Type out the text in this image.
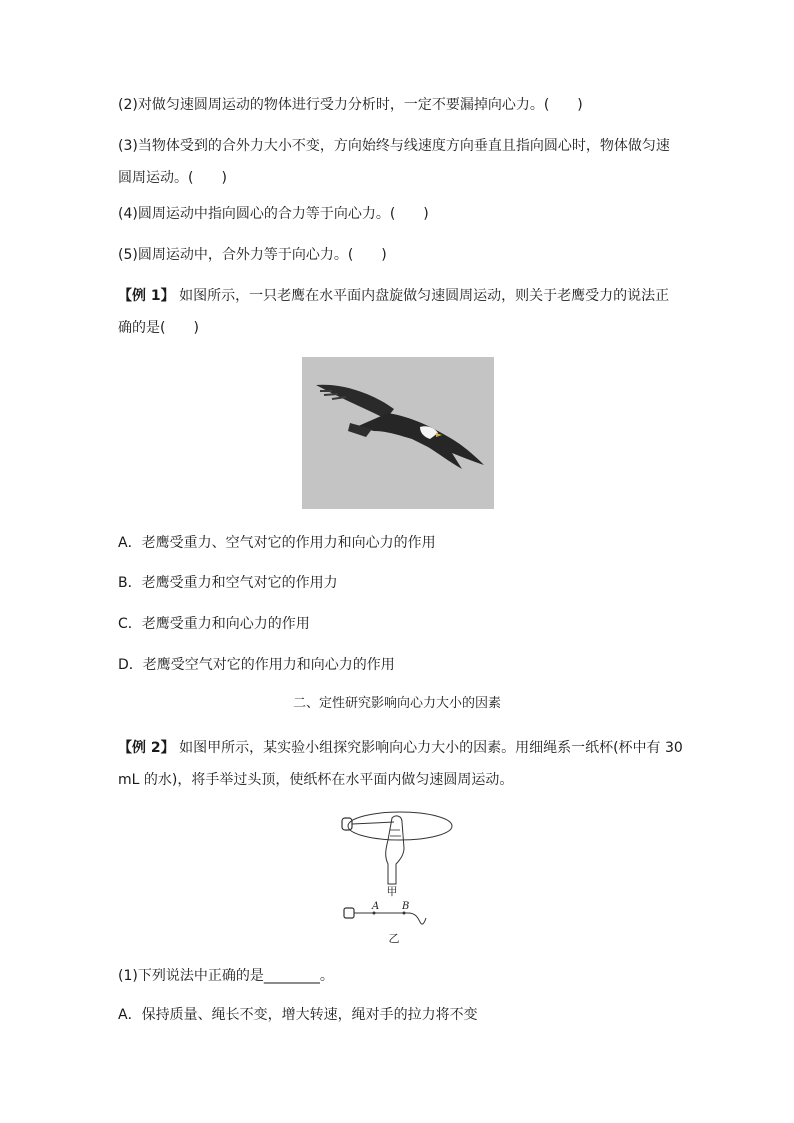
(2)对做匀速圆周运动的物体进行受力分析时，一定不要漏掉向心力。(　　)
(3)当物体受到的合外力大小不变，方向始终与线速度方向垂直且指向圆心时，物体做匀速圆周运动。(　　)
(4)圆周运动中指向圆心的合力等于向心力。(　　)
(5)圆周运动中，合外力等于向心力。(　　)
【例 1】 如图所示，一只老鹰在水平面内盘旋做匀速圆周运动，则关于老鹰受力的说法正确的是(　　)
A．老鹰受重力、空气对它的作用力和向心力的作用
B．老鹰受重力和空气对它的作用力
C．老鹰受重力和向心力的作用
D．老鹰受空气对它的作用力和向心力的作用
二、定性研究影响向心力大小的因素
【例 2】 如图甲所示，某实验小组探究影响向心力大小的因素。用细绳系一纸杯(杯中有 30 mL 的水)，将手举过头顶，使纸杯在水平面内做匀速圆周运动。
甲
A B
乙
(1)下列说法中正确的是________。
A．保持质量、绳长不变，增大转速，绳对手的拉力将不变
